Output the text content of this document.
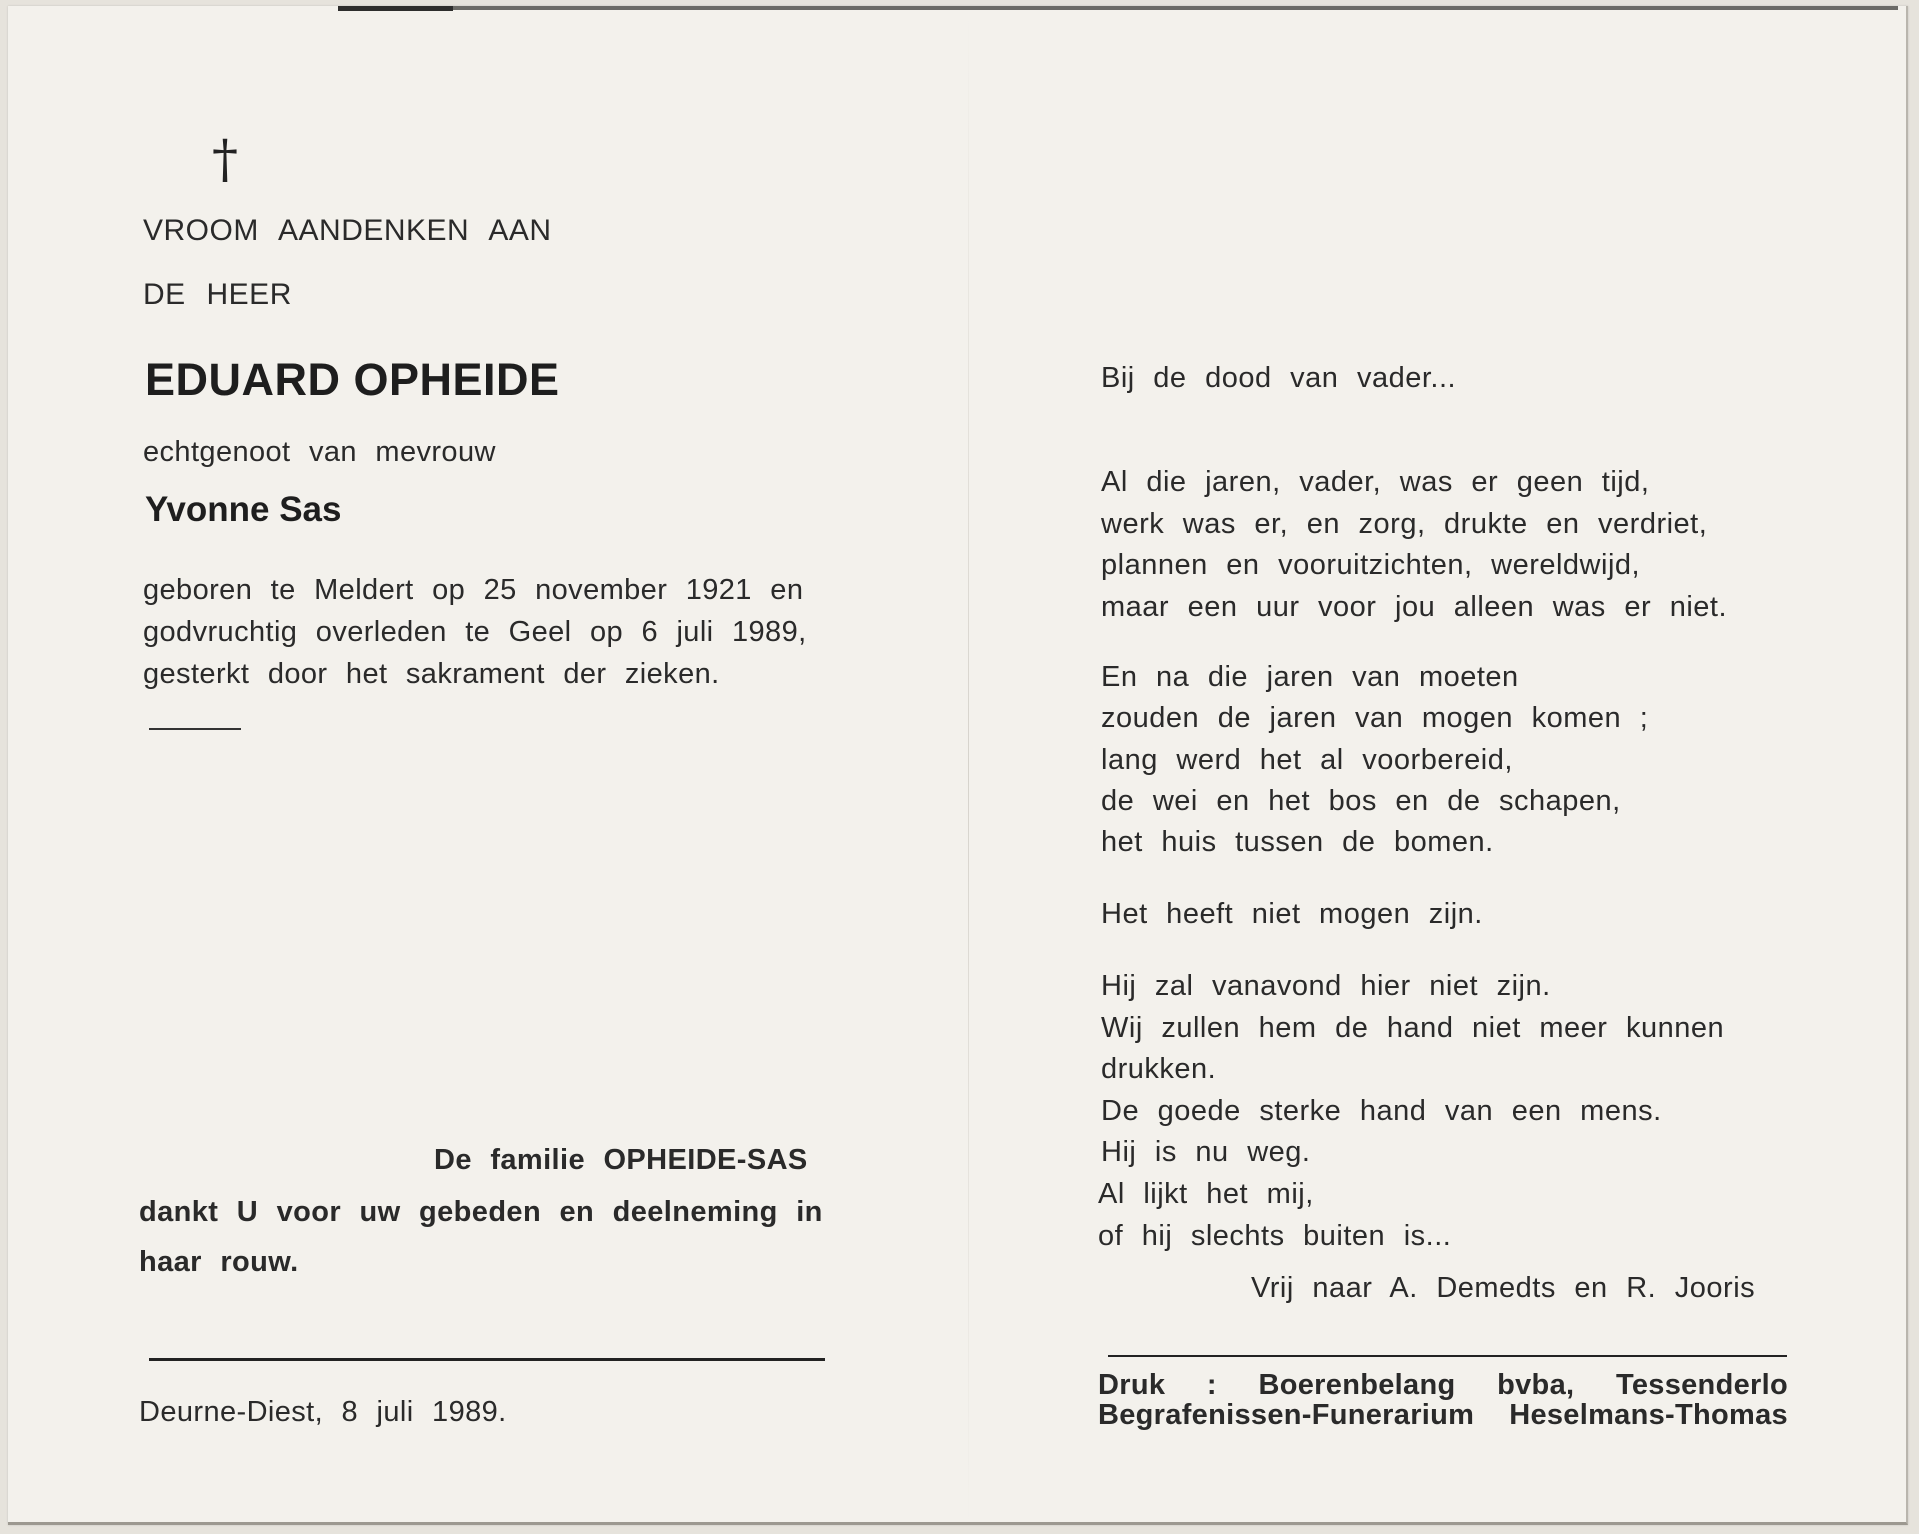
†
VROOM AANDENKEN AAN
DE HEER
EDUARD OPHEIDE
echtgenoot van mevrouw
Yvonne Sas
geboren te Meldert op 25 november 1921 en
godvruchtig overleden te Geel op 6 juli 1989,
gesterkt door het sakrament der zieken.
De familie OPHEIDE-SAS
dankt U voor uw gebeden en deelneming in
haar rouw.
Deurne-Diest, 8 juli 1989.
Bij de dood van vader...
Al die jaren, vader, was er geen tijd,
werk was er, en zorg, drukte en verdriet,
plannen en vooruitzichten, wereldwijd,
maar een uur voor jou alleen was er niet.
En na die jaren van moeten
zouden de jaren van mogen komen ;
lang werd het al voorbereid,
de wei en het bos en de schapen,
het huis tussen de bomen.
Het heeft niet mogen zijn.
Hij zal vanavond hier niet zijn.
Wij zullen hem de hand niet meer kunnen
drukken.
De goede sterke hand van een mens.
Hij is nu weg.
Al lijkt het mij,
of hij slechts buiten is...
Vrij naar A. Demedts en R. Jooris
Druk : Boerenbelang bvba, Tessenderlo
Begrafenissen-Funerarium Heselmans-Thomas
